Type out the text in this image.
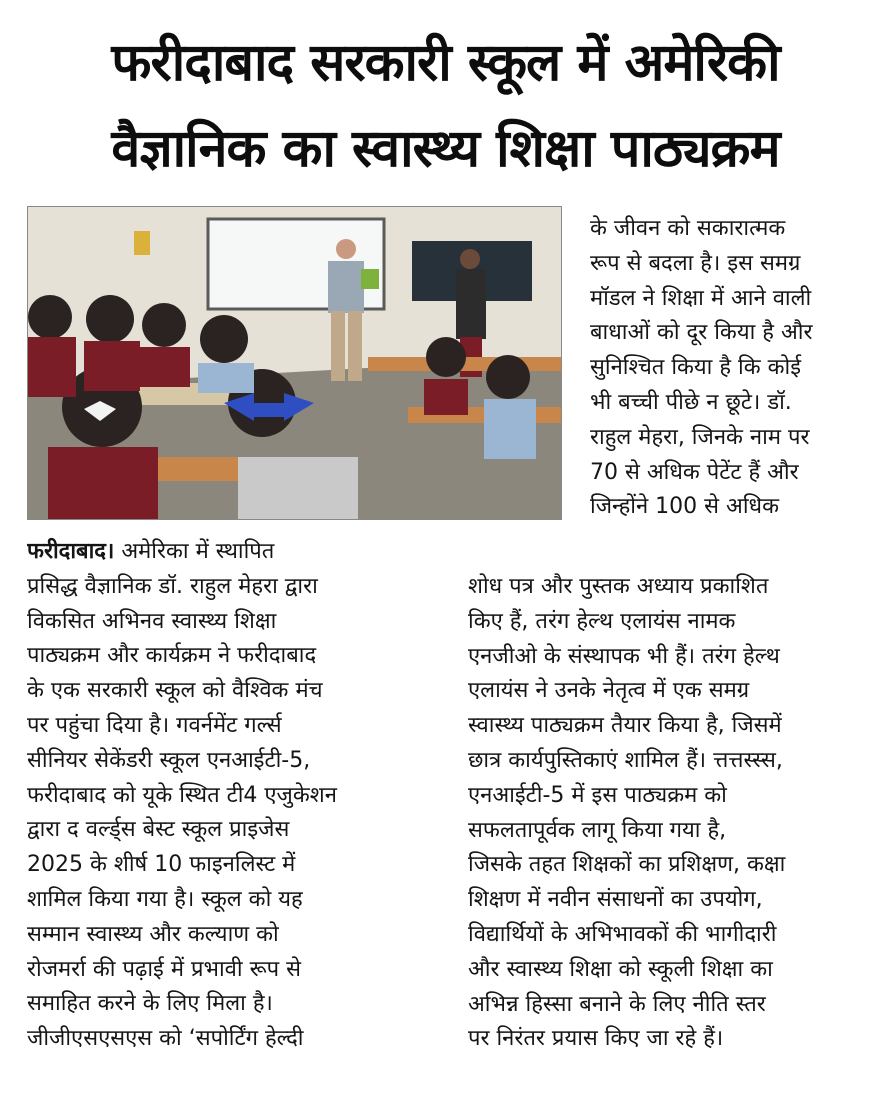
फरीदाबाद सरकारी स्कूल में अमेरिकी
वैज्ञानिक का स्वास्थ्य शिक्षा पाठ्यक्रम
के जीवन को सकारात्मक
रूप से बदला है। इस समग्र
मॉडल ने शिक्षा में आने वाली
बाधाओं को दूर किया है और
सुनिश्चित किया है कि कोई
भी बच्ची पीछे न छूटे। डॉ.
राहुल मेहरा, जिनके नाम पर
70 से अधिक पेटेंट हैं और
जिन्होंने 100 से अधिक
फरीदाबाद। अमेरिका में स्थापित
प्रसिद्ध वैज्ञानिक डॉ. राहुल मेहरा द्वारा
विकसित अभिनव स्वास्थ्य शिक्षा
पाठ्यक्रम और कार्यक्रम ने फरीदाबाद
के एक सरकारी स्कूल को वैश्विक मंच
पर पहुंचा दिया है। गवर्नमेंट गर्ल्स
सीनियर सेकेंडरी स्कूल एनआईटी-5,
फरीदाबाद को यूके स्थित टी4 एजुकेशन
द्वारा द वर्ल्ड्स बेस्ट स्कूल प्राइजेस
2025 के शीर्ष 10 फाइनलिस्ट में
शामिल किया गया है। स्कूल को यह
सम्मान स्वास्थ्य और कल्याण को
रोजमर्रा की पढ़ाई में प्रभावी रूप से
समाहित करने के लिए मिला है।
जीजीएसएसएस को ‘सपोर्टिंग हेल्दी
शोध पत्र और पुस्तक अध्याय प्रकाशित
किए हैं, तरंग हेल्थ एलायंस नामक
एनजीओ के संस्थापक भी हैं। तरंग हेल्थ
एलायंस ने उनके नेतृत्व में एक समग्र
स्वास्थ्य पाठ्यक्रम तैयार किया है, जिसमें
छात्र कार्यपुस्तिकाएं शामिल हैं। त्तत्तस्स्स,
एनआईटी-5 में इस पाठ्यक्रम को
सफलतापूर्वक लागू किया गया है,
जिसके तहत शिक्षकों का प्रशिक्षण, कक्षा
शिक्षण में नवीन संसाधनों का उपयोग,
विद्यार्थियों के अभिभावकों की भागीदारी
और स्वास्थ्य शिक्षा को स्कूली शिक्षा का
अभिन्न हिस्सा बनाने के लिए नीति स्तर
पर निरंतर प्रयास किए जा रहे हैं।
